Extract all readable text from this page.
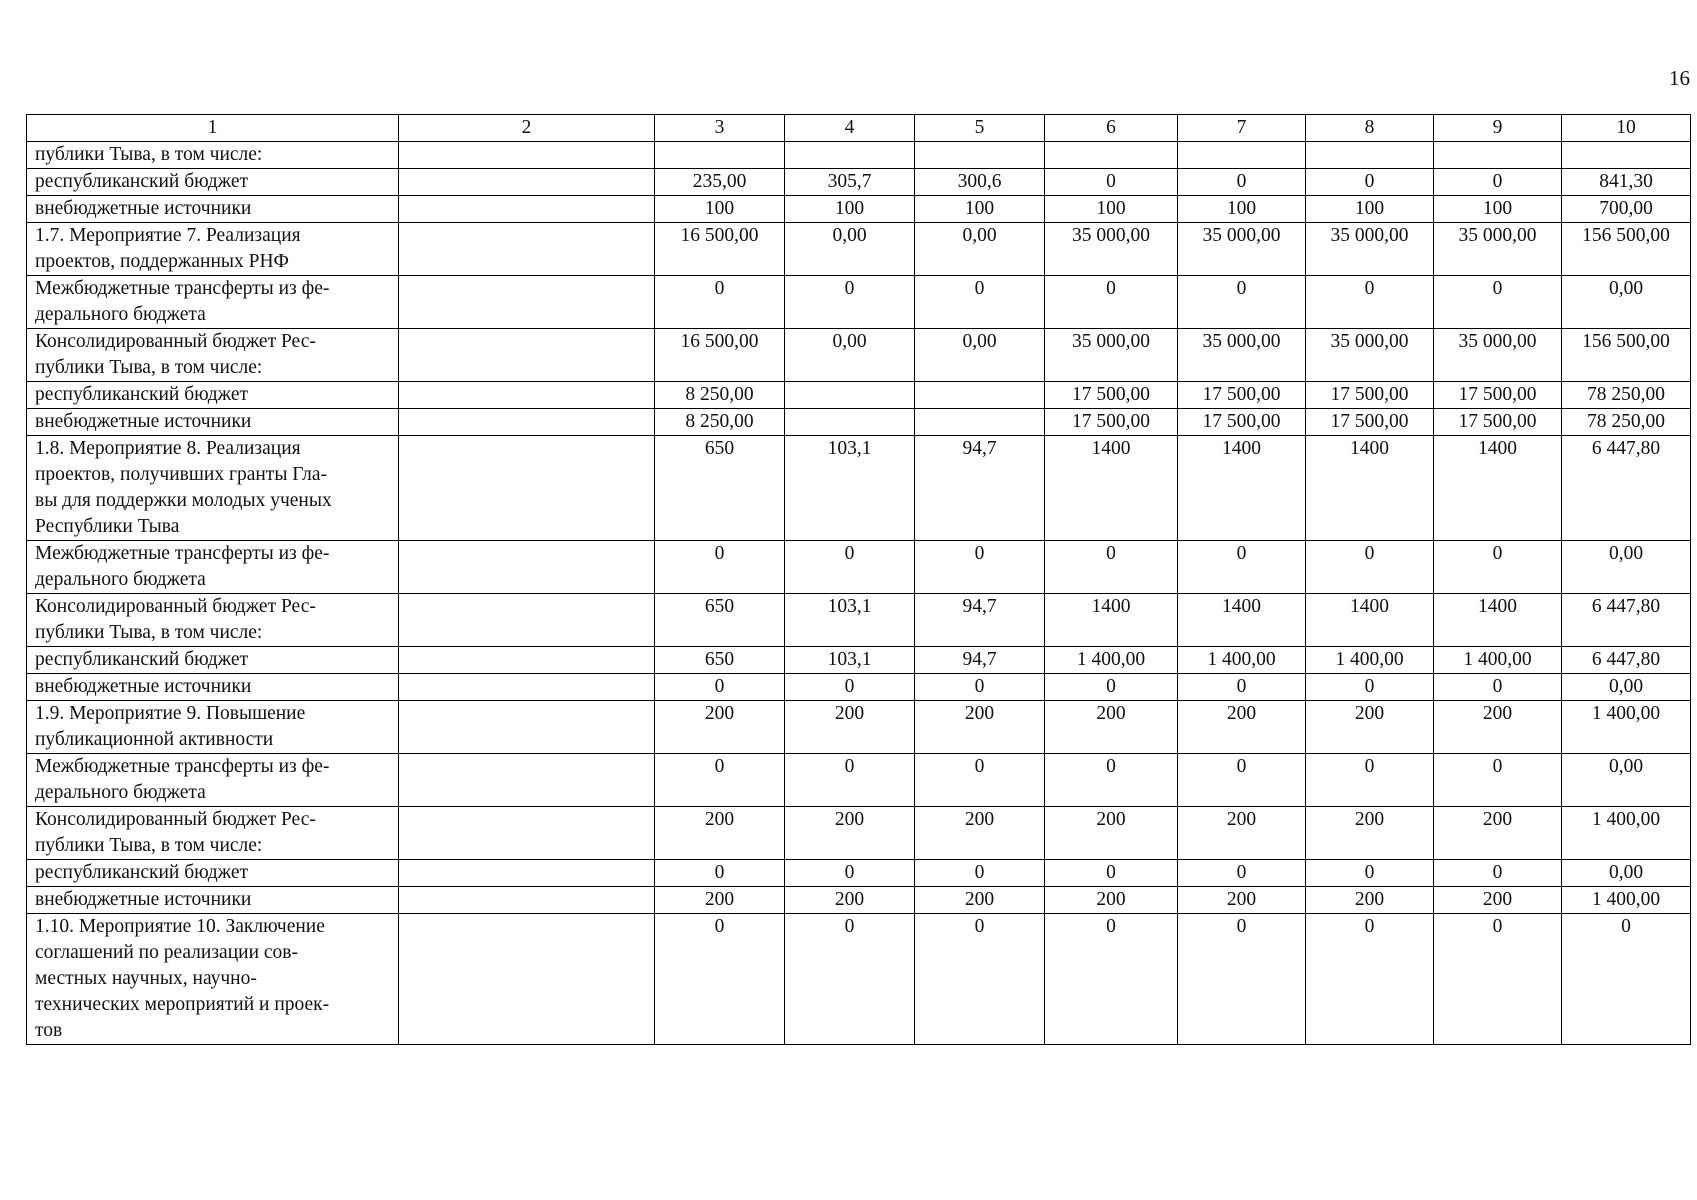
16
1	2	3	4	5	6	7	8	9	10
публики Тыва, в том числе:									
республиканский бюджет		235,00	305,7	300,6	0	0	0	0	841,30
внебюджетные источники		100	100	100	100	100	100	100	700,00
1.7. Мероприятие 7. Реализация
проектов, поддержанных РНФ		16 500,00	0,00	0,00	35 000,00	35 000,00	35 000,00	35 000,00	156 500,00
Межбюджетные трансферты из фе-
дерального бюджета		0	0	0	0	0	0	0	0,00
Консолидированный бюджет Рес-
публики Тыва, в том числе:		16 500,00	0,00	0,00	35 000,00	35 000,00	35 000,00	35 000,00	156 500,00
республиканский бюджет		8 250,00			17 500,00	17 500,00	17 500,00	17 500,00	78 250,00
внебюджетные источники		8 250,00			17 500,00	17 500,00	17 500,00	17 500,00	78 250,00
1.8. Мероприятие 8. Реализация
проектов, получивших гранты Гла-
вы для поддержки молодых ученых
Республики Тыва		650	103,1	94,7	1400	1400	1400	1400	6 447,80
Межбюджетные трансферты из фе-
дерального бюджета		0	0	0	0	0	0	0	0,00
Консолидированный бюджет Рес-
публики Тыва, в том числе:		650	103,1	94,7	1400	1400	1400	1400	6 447,80
республиканский бюджет		650	103,1	94,7	1 400,00	1 400,00	1 400,00	1 400,00	6 447,80
внебюджетные источники		0	0	0	0	0	0	0	0,00
1.9. Мероприятие 9. Повышение
публикационной активности		200	200	200	200	200	200	200	1 400,00
Межбюджетные трансферты из фе-
дерального бюджета		0	0	0	0	0	0	0	0,00
Консолидированный бюджет Рес-
публики Тыва, в том числе:		200	200	200	200	200	200	200	1 400,00
республиканский бюджет		0	0	0	0	0	0	0	0,00
внебюджетные источники		200	200	200	200	200	200	200	1 400,00
1.10. Мероприятие 10. Заключение
соглашений по реализации сов-
местных научных, научно-
технических мероприятий и проек-
тов		0	0	0	0	0	0	0	0
